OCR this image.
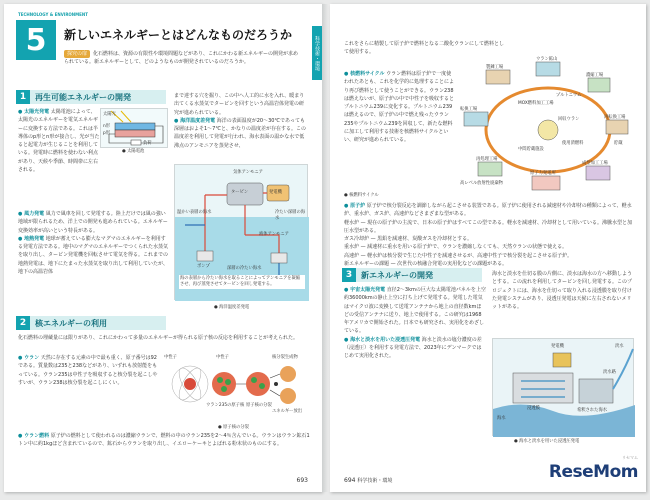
TECHNOLOGY & ENVIRONMENT
5	新しいエネルギーとはどんなものだろうか
探究の扉 化石燃料は、資源の有限性や環境問題などがあり、これにかわる新エネルギーの開発が求められている。新エネルギーとして、どのようなものが開発されているのだろうか。	科学技術・環境
1	再生可能エネルギーの開発
太陽光
n形
p形
負荷
● 太陽電池
● 太陽光発電 太陽電池によって、太陽光のエネルギーを電気エネルギーに変換する方法である。これは半導体のp形とn形が接合し、光が当たると起電力が生じることを利用している。発電時に燃料を使わない利点があり、天候や季節、時間帯に左右される。
● 風力発電 風力で風車を回して発電する。陸上だけでは風の強い地域が限られるため、洋上での開発も進められている。エネルギー変換効率が高いという特長がある。
● 地熱発電 地球が蓄えている膨大なマグマのエネルギーを利用する発電方法である。地中のマグマのエネルギーでつくられた水蒸気を取り出し、タービン発電機を回転させて電気を得る。これまでの地熱発電は、地下にたまった水蒸気を取り出して利用していたが、地下の高温岩体
まで達する穴を掘り、この中へ人工的に水を入れ、暖まり出てくる水蒸気でタービンを回すという高温岩体発電の研究が進められている。
● 海洋温度差発電 海洋の表面温度が20〜30℃であっても深層はおよそ1〜7℃と、かなりの温度差が存在する。この温度差を利用して発電が行われ、海水表面の温かな水で低沸点のアンモニアを蒸発させ、
気体アンモニア
タービン	発電機
温かい表層の海水	冷たい深層の海水
液体アンモニア
ポンプ	深層の冷たい海水
海の表層から冷たい海水を取ることによってアンモニアを凝縮させ、再び蒸発させてタービンを回し発電する。
● 海洋温度差発電
2	核エネルギーの利用
化石燃料の埋蔵量には限りがあり、これにかわって多量のエネルギーが得られる原子核の反応を利用することが考えられた。
● ウラン 天然に存在する元素の中で最も重く、原子番号は92である。質量数は235と238などがあり、いずれも放射能をもっている。ウラン235は中性子を吸収すると核分裂を起こしやすいが、ウラン238は核分裂を起こしにくい。
中性子
ウラン235の原子核 原子核の分裂
中性子
エネルギー放出
核分裂生成物
● 原子核の分裂
● ウラン燃料 原子炉の燃料として使われるのは濃縮ウランで、燃料の中のウラン235を2〜4％含んでいる。ウランはウラン鉱石1トン中に約1kgほど含まれているので、鉱石からウランを取り出し、イエローケーキとよばれる粉末状のものにする。
693
これをさらに精製して原子炉で燃料となる二酸化ウランにして燃料として使用する。
● 核燃料サイクル ウラン燃料は原子炉で一度使われたあとも、これを化学的に処理することにより再び燃料として使うことができる。ウラン238は燃えないが、原子炉の中で中性子を吸収するとプルトニウム239に変化する。プルトニウム239は燃えるので、原子炉の中で燃え残ったウラン235やプルトニウム239を回収して、新たな燃料に加工して利用する技術を核燃料サイクルといい、研究が進められている。
ウラン鉱山
製錬工場
転換工場
濃縮工場
再転換工場
成型加工工場
原子力発電所
再処理工場
MOX燃料加工工場
中間貯蔵施設
高レベル放射性廃棄物
貯蔵
プルトニウム
回収ウラン
使用済燃料
● 核燃料サイクル
● 原子炉 原子炉で核分裂反応を調節しながら起こさせる装置である。原子炉に使用される減速材や冷却材の種類によって、軽水炉、重水炉、ガス炉、高速炉などさまざまな型がある。
軽水炉 — 現在の原子炉の主流で、日本の原子炉はすべてこの型である。軽水を減速材、冷却材として用いている。沸騰水型と加圧水型がある。
ガス冷却炉 — 黒鉛を減速材、炭酸ガスを冷却材とする。
重水炉 — 減速材に重水を用いる原子炉で、ウランを濃縮しなくても、天然ウランの状態で使える。
高速炉 — 軽水炉は核分裂で生じた中性子を減速させるが、高速中性子で核分裂を起こさせる原子炉。
新エネルギーの課題 — 次世代の核融合発電の実用化などの課題がある。
3	新エネルギーの開発
● 宇宙太陽光発電 直径2〜3kmの巨大な太陽電池パネルを上空約36000kmの静止上空に打ち上げて発電する。発電した電気はマイクロ波に変換して送電アンテナから地上の直径数kmほどの受信アンテナに送り、地上で使用する。この研究は1968年アメリカで開始された。日本でも研究され、実用化をめざしている。
● 海水と淡水を用いた浸透圧発電 海水と淡水の塩分濃度の差（浸透圧）を利用する発電方法で、2023年にデンマークではじめて実用化された。
海水と淡水を仕切る膜の片側に、淡水は海水の方へ移動しようとする。この流れを利用してタービンを回し発電する。このプロジェクトには、海水を仕切って取り入れる浸透膜を取り付けた発電システムがあり、浸透圧発電は天候に左右されないメリットがある。
発電機
海水
淡水
浸透膜	希釈された海水
淡水路
● 海水と淡水を用いた浸透圧発電
694 科学技術・環境
リセマム
ReseMom
